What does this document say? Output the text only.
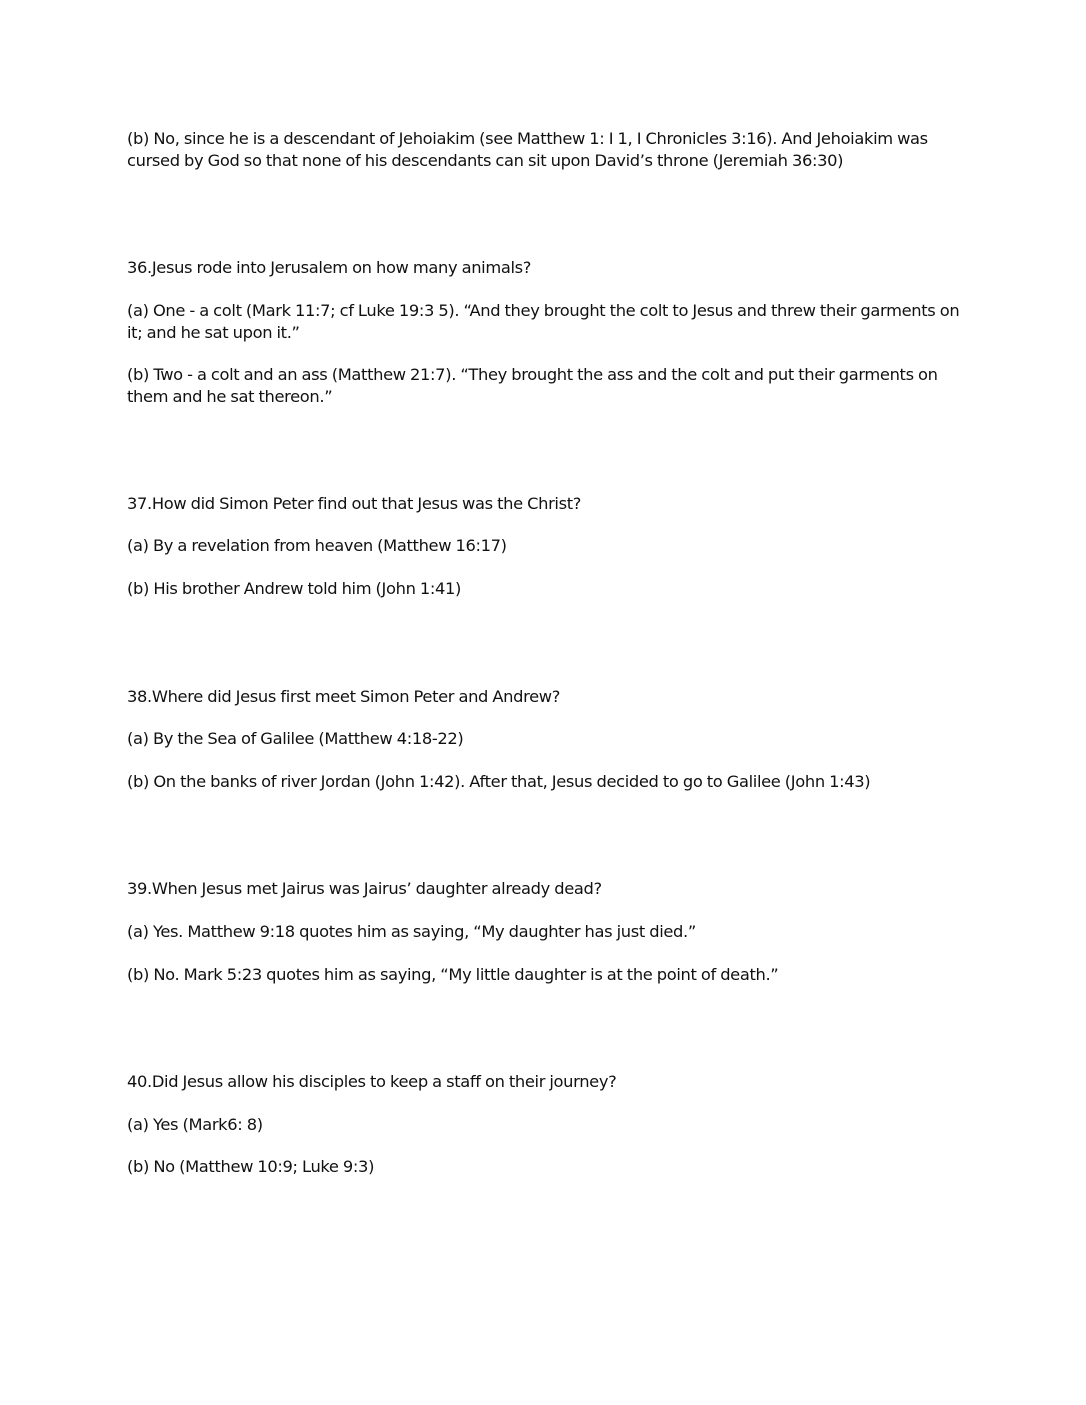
(b) No, since he is a descendant of Jehoiakim (see Matthew 1: I 1, I Chronicles 3:16). And Jehoiakim was cursed by God so that none of his descendants can sit upon David’s throne (Jeremiah 36:30)

36.Jesus rode into Jerusalem on how many animals?

(a) One - a colt (Mark 11:7; cf Luke 19:3 5). “And they brought the colt to Jesus and threw their garments on it; and he sat upon it.”

(b) Two - a colt and an ass (Matthew 21:7). “They brought the ass and the colt and put their garments on them and he sat thereon.”

37.How did Simon Peter find out that Jesus was the Christ?

(a) By a revelation from heaven (Matthew 16:17)

(b) His brother Andrew told him (John 1:41)

38.Where did Jesus first meet Simon Peter and Andrew?

(a) By the Sea of Galilee (Matthew 4:18-22)

(b) On the banks of river Jordan (John 1:42). After that, Jesus decided to go to Galilee (John 1:43)

39.When Jesus met Jairus was Jairus’ daughter already dead?

(a) Yes. Matthew 9:18 quotes him as saying, “My daughter has just died.”

(b) No. Mark 5:23 quotes him as saying, “My little daughter is at the point of death.”

40.Did Jesus allow his disciples to keep a staff on their journey?

(a) Yes (Mark6: 8)

(b) No (Matthew 10:9; Luke 9:3)
